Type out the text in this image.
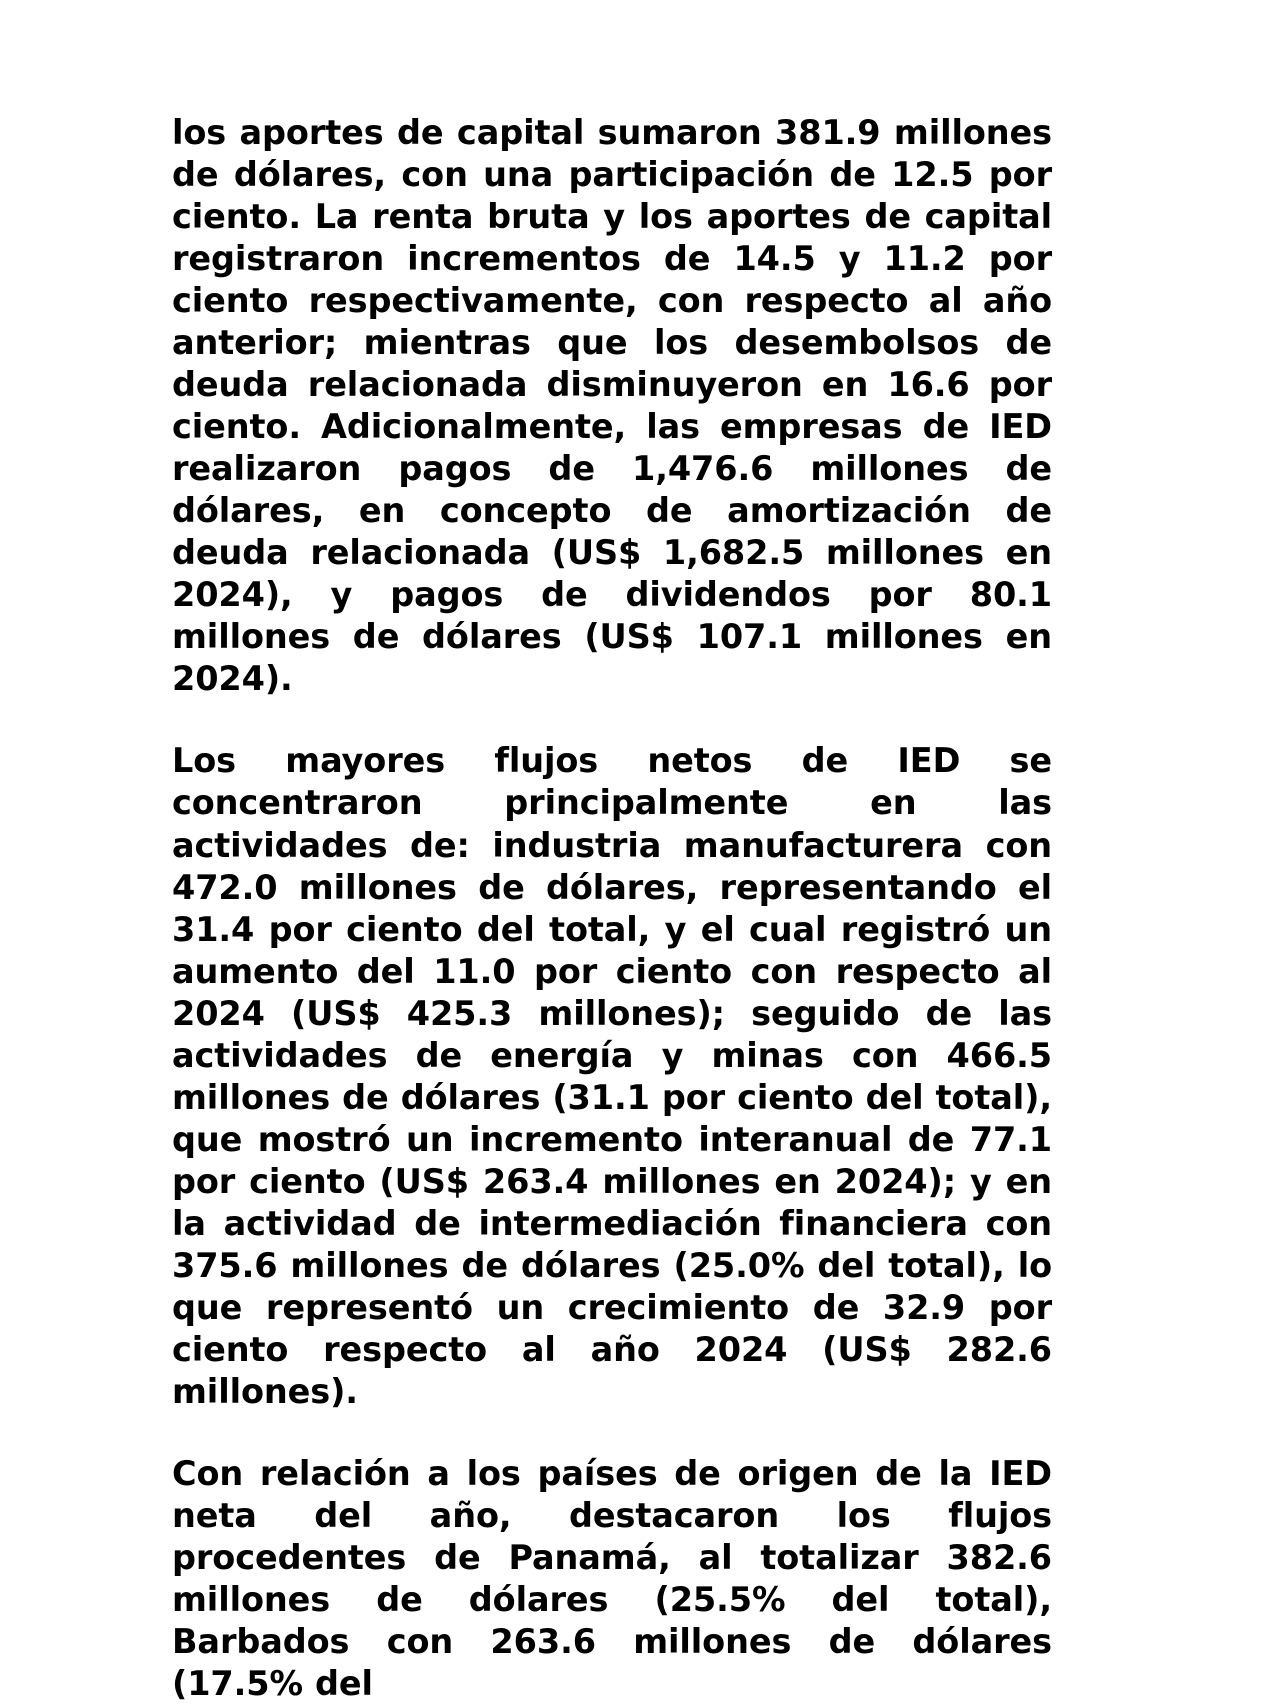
los aportes de capital sumaron 381.9 millones de dólares, con una participación de 12.5 por ciento. La renta bruta y los aportes de capital registraron incrementos de 14.5 y 11.2 por ciento respectivamente, con respecto al año anterior; mientras que los desembolsos de deuda relacionada disminuyeron en 16.6 por ciento. Adicionalmente, las empresas de IED realizaron pagos de 1,476.6 millones de dólares, en concepto de amortización de deuda relacionada (US$ 1,682.5 millones en 2024), y pagos de dividendos por 80.1 millones de dólares (US$ 107.1 millones en 2024).

Los mayores flujos netos de IED se concentraron principalmente en las actividades de: industria manufacturera con 472.0 millones de dólares, representando el 31.4 por ciento del total, y el cual registró un aumento del 11.0 por ciento con respecto al 2024 (US$ 425.3 millones); seguido de las actividades de energía y minas con 466.5 millones de dólares (31.1 por ciento del total), que mostró un incremento interanual de 77.1 por ciento (US$ 263.4 millones en 2024); y en la actividad de intermediación financiera con 375.6 millones de dólares (25.0% del total), lo que representó un crecimiento de 32.9 por ciento respecto al año 2024 (US$ 282.6 millones).

Con relación a los países de origen de la IED neta del año, destacaron los flujos procedentes de Panamá, al totalizar 382.6 millones de dólares (25.5% del total), Barbados con 263.6 millones de dólares (17.5% del
